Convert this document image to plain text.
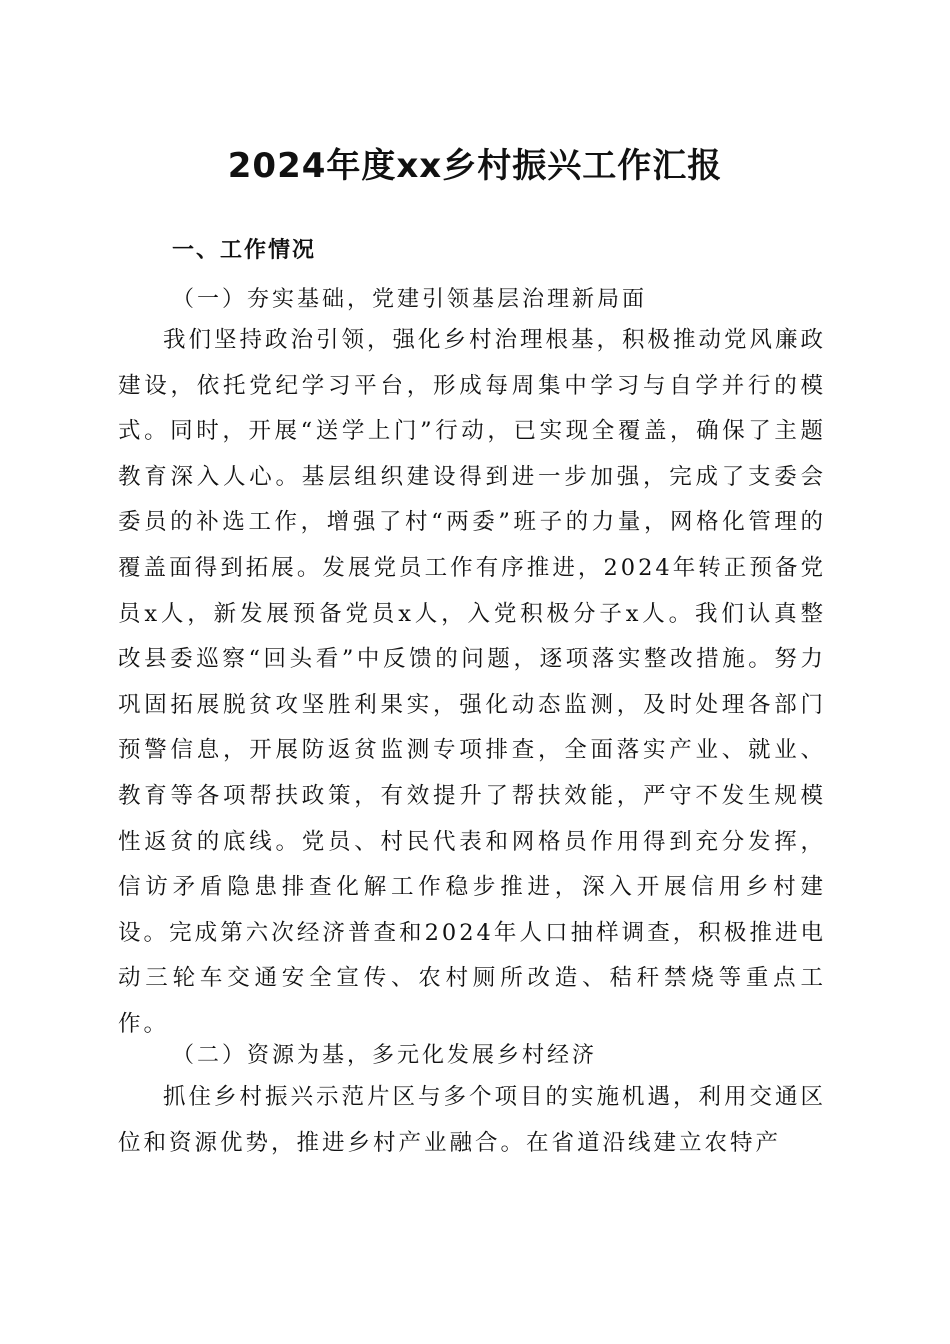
2024年度xx乡村振兴工作汇报
一、工作情况
（一）夯实基础，党建引领基层治理新局面

我们坚持政治引领，强化乡村治理根基，积极推动党风廉政建设，依托党纪学习平台，形成每周集中学习与自学并行的模式。同时，开展“送学上门”行动，已实现全覆盖，确保了主题教育深入人心。基层组织建设得到进一步加强，完成了支委会委员的补选工作，增强了村“两委”班子的力量，网格化管理的覆盖面得到拓展。发展党员工作有序推进，2024年转正预备党员x人，新发展预备党员x人，入党积极分子x人。我们认真整改县委巡察“回头看”中反馈的问题，逐项落实整改措施。努力巩固拓展脱贫攻坚胜利果实，强化动态监测，及时处理各部门预警信息，开展防返贫监测专项排查，全面落实产业、就业、教育等各项帮扶政策，有效提升了帮扶效能，严守不发生规模性返贫的底线。党员、村民代表和网格员作用得到充分发挥，信访矛盾隐患排查化解工作稳步推进，深入开展信用乡村建设。完成第六次经济普查和2024年人口抽样调查，积极推进电动三轮车交通安全宣传、农村厕所改造、秸秆禁烧等重点工作。

（二）资源为基，多元化发展乡村经济

抓住乡村振兴示范片区与多个项目的实施机遇，利用交通区位和资源优势，推进乡村产业融合。在省道沿线建立农特产
